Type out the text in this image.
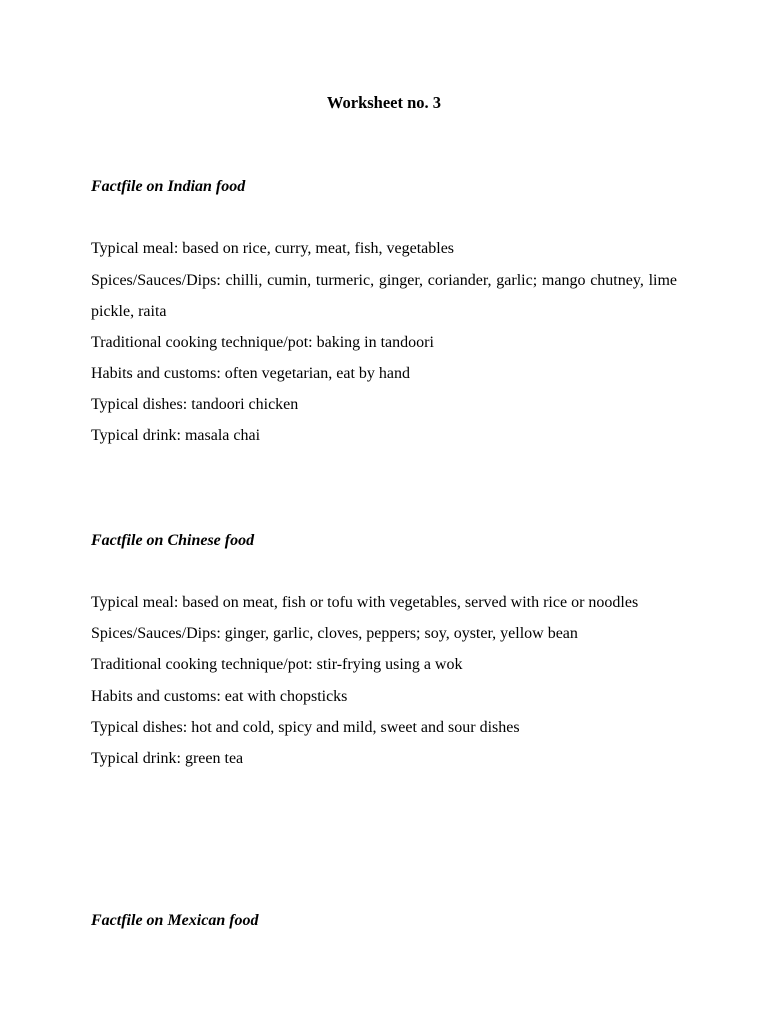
Worksheet no. 3
Factfile on Indian food

Typical meal: based on rice, curry, meat, fish, vegetables

Spices/Sauces/Dips: chilli, cumin, turmeric, ginger, coriander, garlic; mango chutney, lime pickle, raita

Traditional cooking technique/pot: baking in tandoori

Habits and customs: often vegetarian, eat by hand

Typical dishes: tandoori chicken

Typical drink: masala chai

Factfile on Chinese food

Typical meal: based on meat, fish or tofu with vegetables, served with rice or noodles

Spices/Sauces/Dips: ginger, garlic, cloves, peppers; soy, oyster, yellow bean

Traditional cooking technique/pot: stir-frying using a wok

Habits and customs: eat with chopsticks

Typical dishes: hot and cold, spicy and mild, sweet and sour dishes

Typical drink: green tea

Factfile on Mexican food
